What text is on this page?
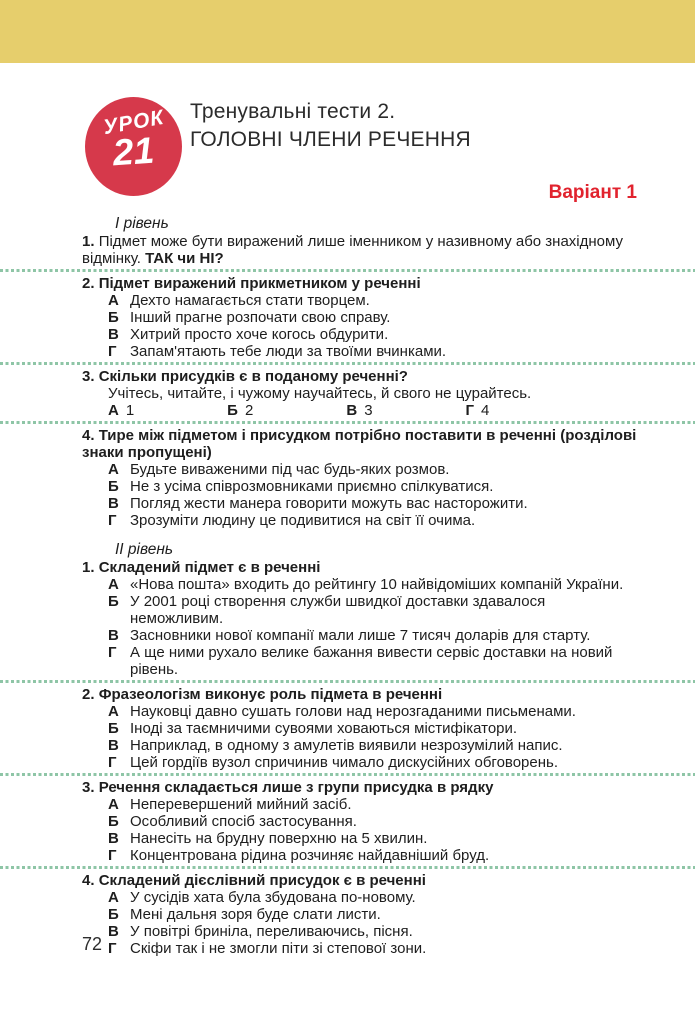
УРОК
21
Тренувальні тести 2.
ГОЛОВНІ ЧЛЕНИ РЕЧЕННЯ
Варіант 1

І рівень

1. Підмет може бути виражений лише іменником у називному або знахідному відмінку. ТАК чи НІ?

2. Підмет виражений прикметником у реченні

А Дехто намагається стати творцем.
Б Інший прагне розпочати свою справу.
В Хитрий просто хоче когось обдурити.
Г Запам'ятають тебе люди за твоїми вчинками.

3. Скільки присудків є в поданому реченні?

Учітесь, читайте, і чужому научайтесь, й свого не цурайтесь.

А 1	Б 2	В 3	Г 4

4. Тире між підметом і присудком потрібно поставити в реченні (розділові знаки пропущені)

А Будьте виваженими під час будь-яких розмов.
Б Не з усіма співрозмовниками приємно спілкуватися.
В Погляд жести манера говорити можуть вас насторожити.
Г Зрозуміти людину це подивитися на світ її очима.

ІІ рівень

1. Складений підмет є в реченні

А «Нова пошта» входить до рейтингу 10 найвідоміших компаній України.
Б У 2001 році створення служби швидкої доставки здавалося неможливим.
В Засновники нової компанії мали лише 7 тисяч доларів для старту.
Г А ще ними рухало велике бажання вивести сервіс доставки на новий рівень.

2. Фразеологізм виконує роль підмета в реченні

А Науковці давно сушать голови над нерозгаданими письменами.
Б Іноді за таємничими сувоями ховаються містифікатори.
В Наприклад, в одному з амулетів виявили незрозумілий напис.
Г Цей гордіїв вузол спричинив чимало дискусійних обговорень.

3. Речення складається лише з групи присудка в рядку

А Неперевершений мийний засіб.
Б Особливий спосіб застосування.
В Нанесіть на брудну поверхню на 5 хвилин.
Г Концентрована рідина розчиняє найдавніший бруд.

4. Складений дієслівний присудок є в реченні

А У сусідів хата була збудована по-новому.
Б Мені дальня зоря буде слати листи.
В У повітрі бриніла, переливаючись, пісня.
Г Скіфи так і не змогли піти зі степової зони.
72
